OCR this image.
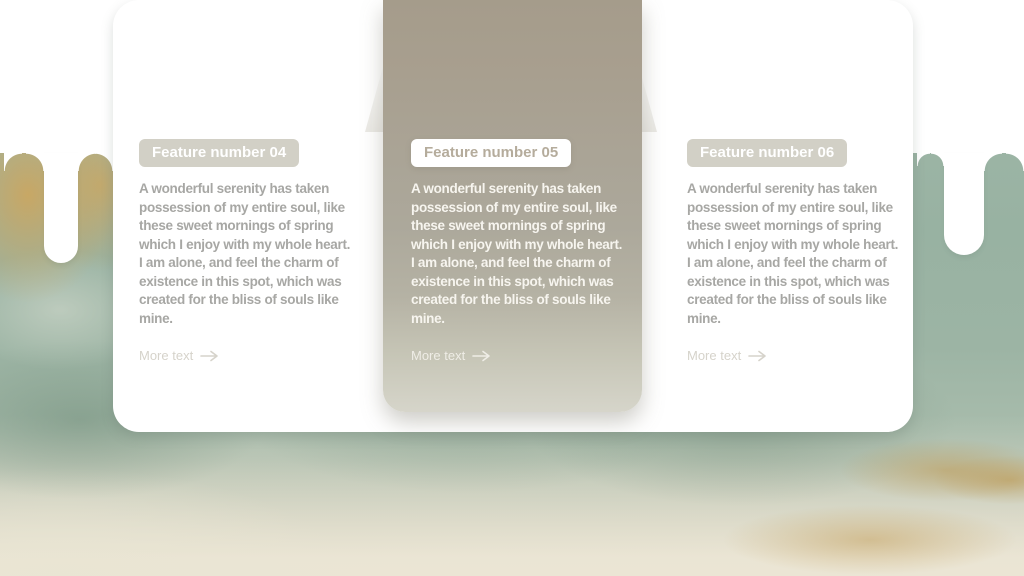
Feature number 04

A wonderful serenity has taken possession of my entire soul, like these sweet mornings of spring which I enjoy with my whole heart. I am alone, and feel the charm of existence in this spot, which was created for the bliss of souls like mine.

More text
Feature number 05

A wonderful serenity has taken possession of my entire soul, like these sweet mornings of spring which I enjoy with my whole heart. I am alone, and feel the charm of existence in this spot, which was created for the bliss of souls like mine.

More text
Feature number 06

A wonderful serenity has taken possession of my entire soul, like these sweet mornings of spring which I enjoy with my whole heart. I am alone, and feel the charm of existence in this spot, which was created for the bliss of souls like mine.

More text
